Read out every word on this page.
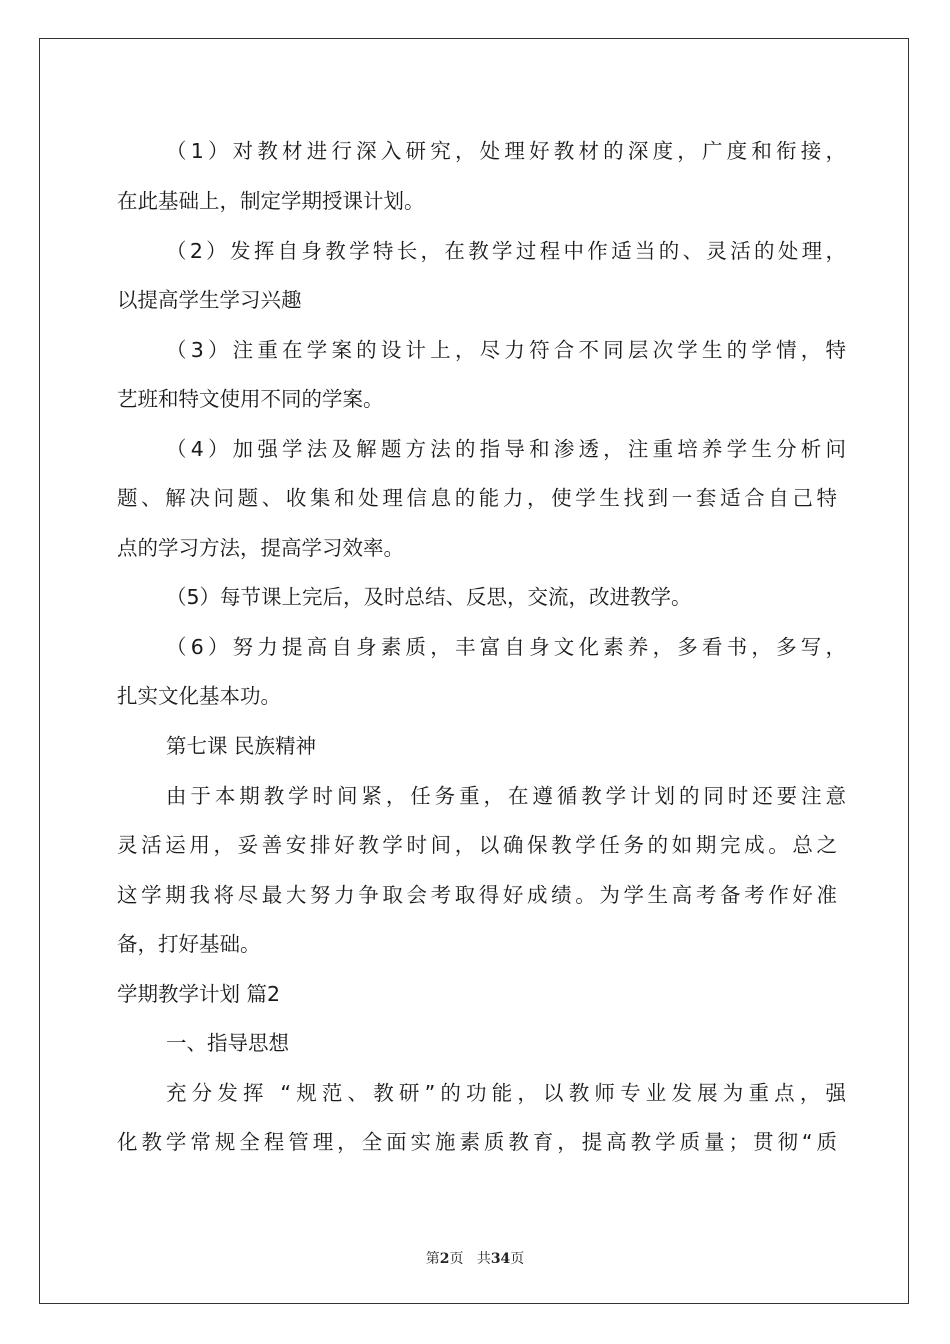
（1）对教材进行深入研究，处理好教材的深度，广度和衔接，

在此基础上，制定学期授课计划。

（2）发挥自身教学特长，在教学过程中作适当的、灵活的处理，

以提高学生学习兴趣

（3）注重在学案的设计上，尽力符合不同层次学生的学情，特

艺班和特文使用不同的学案。

（4）加强学法及解题方法的指导和渗透，注重培养学生分析问

题、解决问题、收集和处理信息的能力，使学生找到一套适合自己特

点的学习方法，提高学习效率。

（5）每节课上完后，及时总结、反思，交流，改进教学。

（6）努力提高自身素质，丰富自身文化素养，多看书，多写，

扎实文化基本功。

第七课 民族精神

由于本期教学时间紧，任务重，在遵循教学计划的同时还要注意

灵活运用，妥善安排好教学时间，以确保教学任务的如期完成。总之

这学期我将尽最大努力争取会考取得好成绩。为学生高考备考作好准

备，打好基础。

学期教学计划 篇2

一、指导思想

充分发挥 “规范、教研”的功能，以教师专业发展为重点，强

化教学常规全程管理，全面实施素质教育，提高教学质量；贯彻“质

第2页 共34页
